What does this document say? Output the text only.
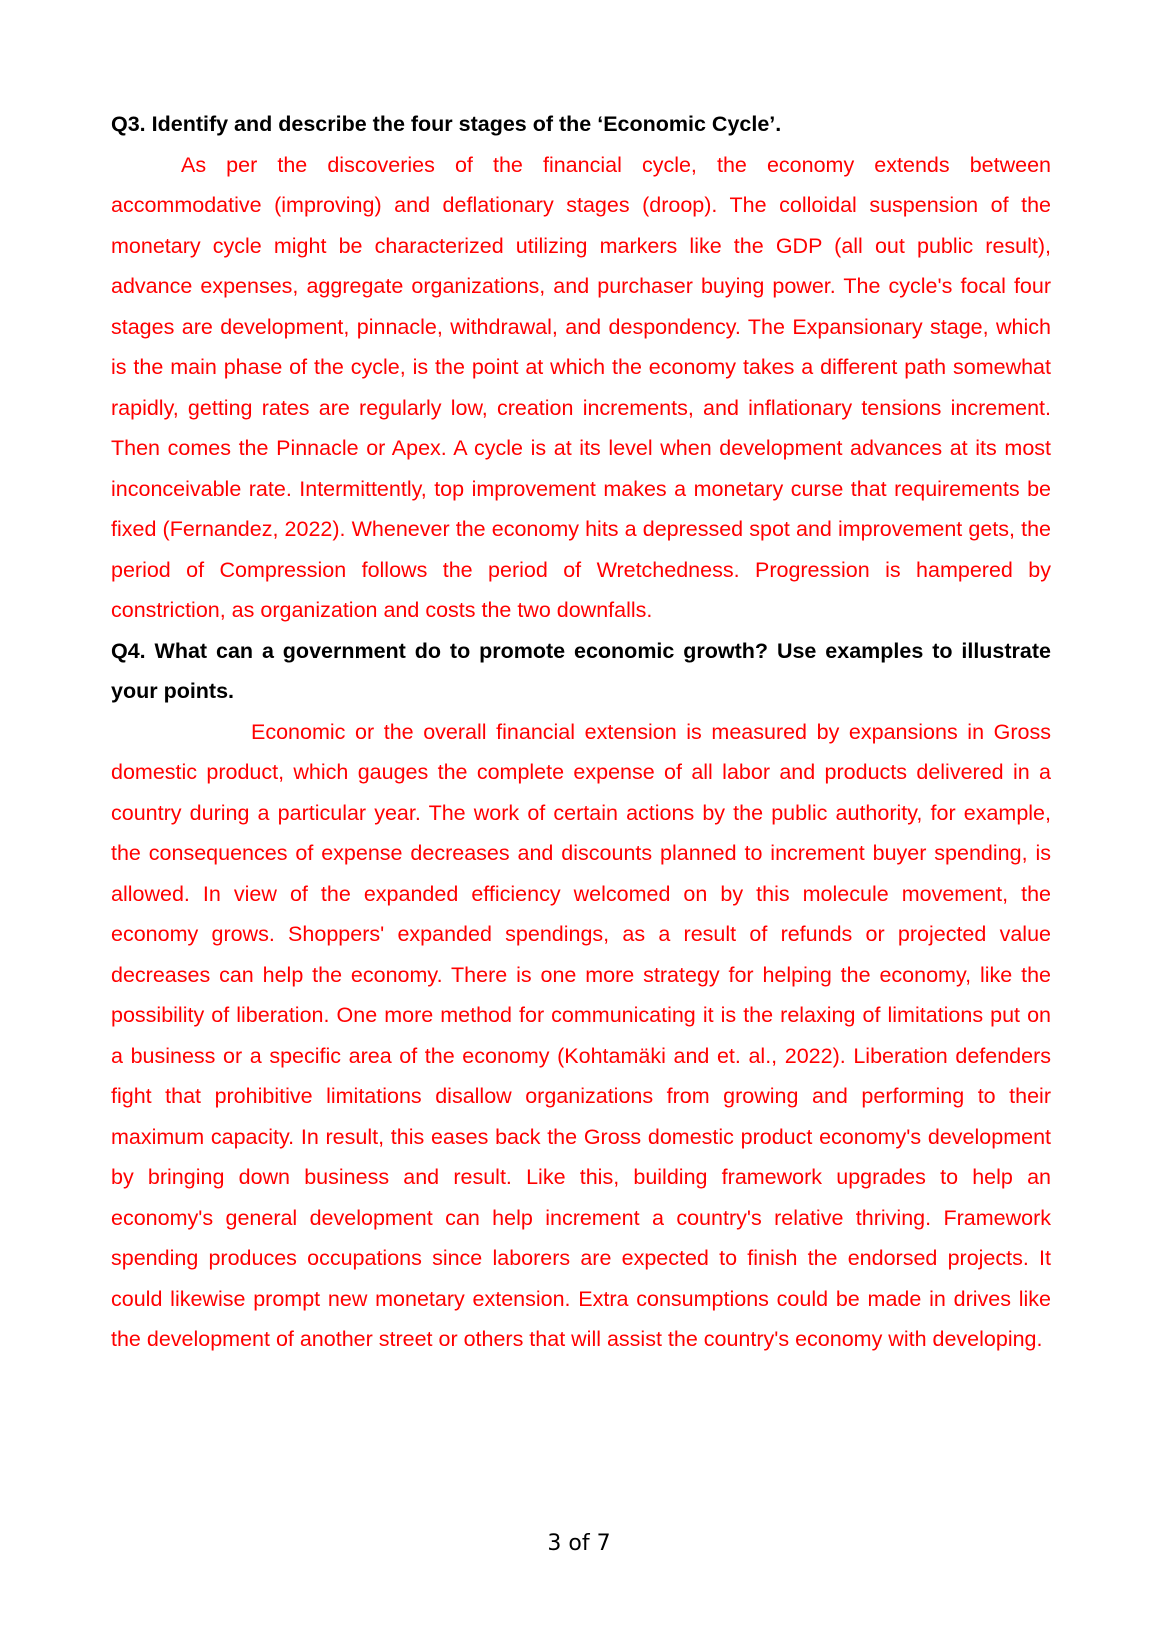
Q3. Identify and describe the four stages of the ‘Economic Cycle’.

As per the discoveries of the financial cycle, the economy extends between accommodative (improving) and deflationary stages (droop). The colloidal suspension of the monetary cycle might be characterized utilizing markers like the GDP (all out public result), advance expenses, aggregate organizations, and purchaser buying power. The cycle's focal four stages are development, pinnacle, withdrawal, and despondency. The Expansionary stage, which is the main phase of the cycle, is the point at which the economy takes a different path somewhat rapidly, getting rates are regularly low, creation increments, and inflationary tensions increment. Then comes the Pinnacle or Apex. A cycle is at its level when development advances at its most inconceivable rate. Intermittently, top improvement makes a monetary curse that requirements be fixed (Fernandez, 2022). Whenever the economy hits a depressed spot and improvement gets, the period of Compression follows the period of Wretchedness. Progression is hampered by constriction, as organization and costs the two downfalls.

Q4. What can a government do to promote economic growth? Use examples to illustrate your points.

Economic or the overall financial extension is measured by expansions in Gross domestic product, which gauges the complete expense of all labor and products delivered in a country during a particular year. The work of certain actions by the public authority, for example, the consequences of expense decreases and discounts planned to increment buyer spending, is allowed. In view of the expanded efficiency welcomed on by this molecule movement, the economy grows. Shoppers' expanded spendings, as a result of refunds or projected value decreases can help the economy. There is one more strategy for helping the economy, like the possibility of liberation. One more method for communicating it is the relaxing of limitations put on a business or a specific area of the economy (Kohtamäki and et. al., 2022). Liberation defenders fight that prohibitive limitations disallow organizations from growing and performing to their maximum capacity. In result, this eases back the Gross domestic product economy's development by bringing down business and result. Like this, building framework upgrades to help an economy's general development can help increment a country's relative thriving. Framework spending produces occupations since laborers are expected to finish the endorsed projects. It could likewise prompt new monetary extension. Extra consumptions could be made in drives like the development of another street or others that will assist the country's economy with developing.

3 of 7
